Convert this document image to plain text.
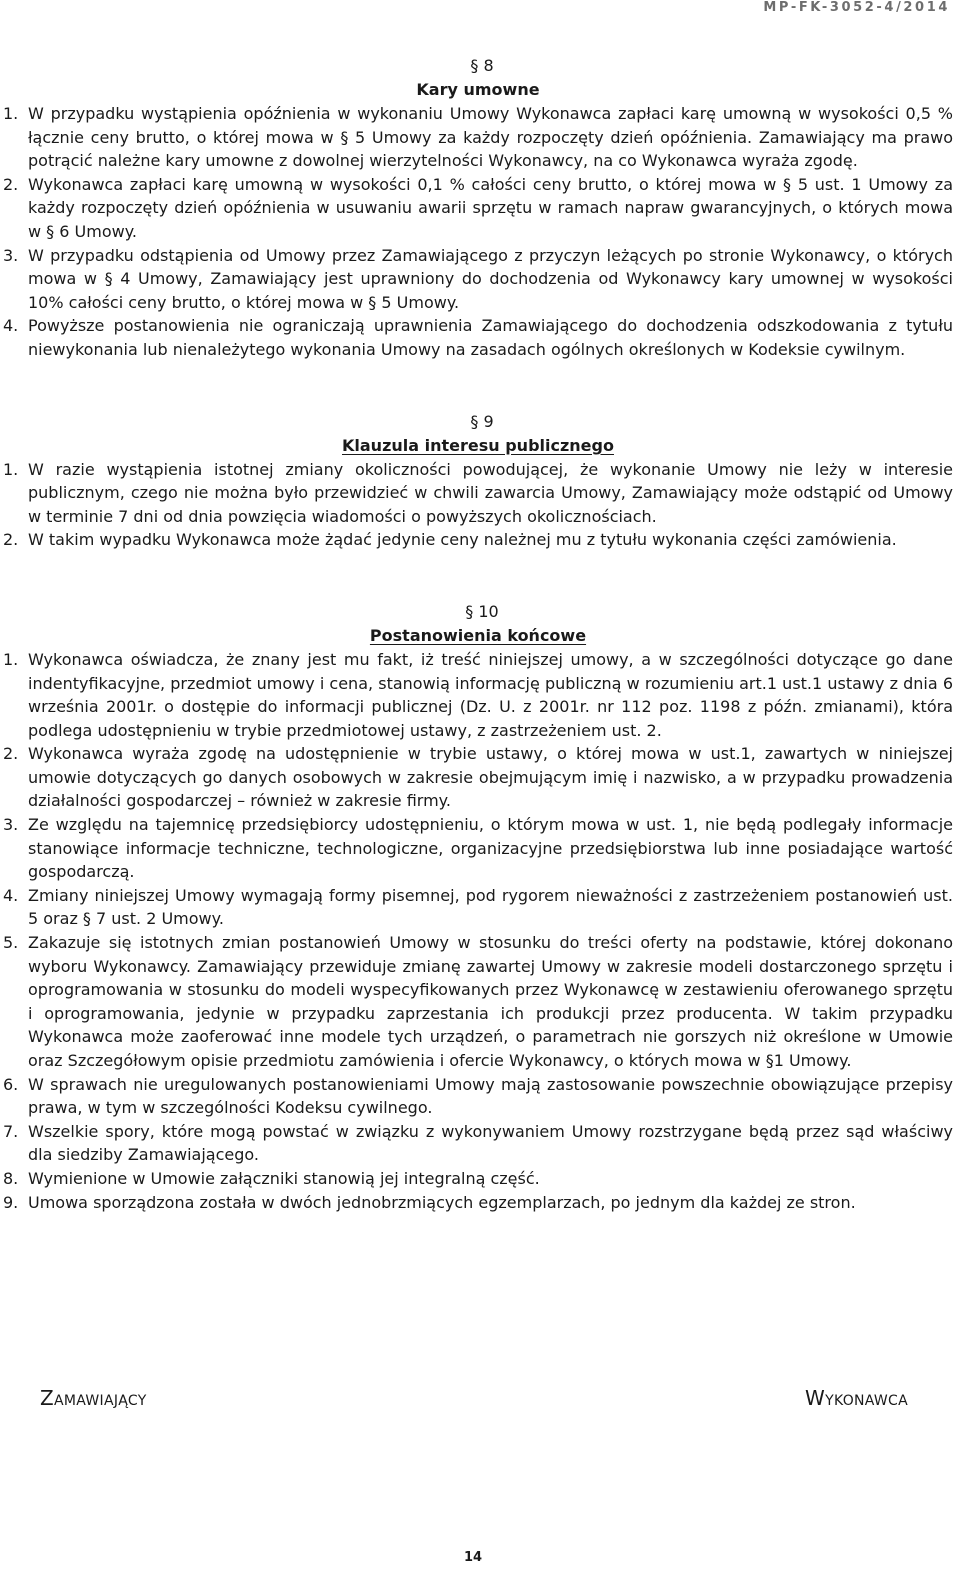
MP-FK-3052-4/2014
§ 8
Kary umowne
1. W przypadku wystąpienia opóźnienia w wykonaniu Umowy Wykonawca zapłaci karę umowną w wysokości 0,5 % łącznie ceny brutto, o której mowa w § 5 Umowy za każdy rozpoczęty dzień opóźnienia. Zamawiający ma prawo potrącić należne kary umowne z dowolnej wierzytelności Wykonawcy, na co Wykonawca wyraża zgodę.
2. Wykonawca zapłaci karę umowną w wysokości 0,1 % całości ceny brutto, o której mowa w § 5 ust. 1 Umowy za każdy rozpoczęty dzień opóźnienia w usuwaniu awarii sprzętu w ramach napraw gwarancyjnych, o których mowa w § 6 Umowy.
3. W przypadku odstąpienia od Umowy przez Zamawiającego z przyczyn leżących po stronie Wykonawcy, o których mowa w § 4 Umowy, Zamawiający jest uprawniony do dochodzenia od Wykonawcy kary umownej w wysokości 10% całości ceny brutto, o której mowa w § 5 Umowy.
4. Powyższe postanowienia nie ograniczają uprawnienia Zamawiającego do dochodzenia odszkodowania z tytułu niewykonania lub nienależytego wykonania Umowy na zasadach ogólnych określonych w Kodeksie cywilnym.
§ 9
Klauzula interesu publicznego
1. W razie wystąpienia istotnej zmiany okoliczności powodującej, że wykonanie Umowy nie leży w interesie publicznym, czego nie można było przewidzieć w chwili zawarcia Umowy, Zamawiający może odstąpić od Umowy w terminie 7 dni od dnia powzięcia wiadomości o powyższych okolicznościach.
2. W takim wypadku Wykonawca może żądać jedynie ceny należnej mu z tytułu wykonania części zamówienia.
§ 10
Postanowienia końcowe
1. Wykonawca oświadcza, że znany jest mu fakt, iż treść niniejszej umowy, a w szczególności dotyczące go dane indentyfikacyjne, przedmiot umowy i cena, stanowią informację publiczną w rozumieniu art.1 ust.1 ustawy z dnia 6 września 2001r. o dostępie do informacji publicznej (Dz. U. z 2001r. nr 112 poz. 1198 z późn. zmianami), która podlega udostępnieniu w trybie przedmiotowej ustawy, z zastrzeżeniem ust. 2.
2. Wykonawca wyraża zgodę na udostępnienie w trybie ustawy, o której mowa w ust.1, zawartych w niniejszej umowie dotyczących go danych osobowych w zakresie obejmującym imię i nazwisko, a w przypadku prowadzenia działalności gospodarczej – również w zakresie firmy.
3. Ze względu na tajemnicę przedsiębiorcy udostępnieniu, o którym mowa w ust. 1, nie będą podlegały informacje stanowiące informacje techniczne, technologiczne, organizacyjne przedsiębiorstwa lub inne posiadające wartość gospodarczą.
4. Zmiany niniejszej Umowy wymagają formy pisemnej, pod rygorem nieważności z zastrzeżeniem postanowień ust. 5 oraz § 7 ust. 2 Umowy.
5. Zakazuje się istotnych zmian postanowień Umowy w stosunku do treści oferty na podstawie, której dokonano wyboru Wykonawcy. Zamawiający przewiduje zmianę zawartej Umowy w zakresie modeli dostarczonego sprzętu i oprogramowania w stosunku do modeli wyspecyfikowanych przez Wykonawcę w zestawieniu oferowanego sprzętu i oprogramowania, jedynie w przypadku zaprzestania ich produkcji przez producenta. W takim przypadku Wykonawca może zaoferować inne modele tych urządzeń, o parametrach nie gorszych niż określone w Umowie oraz Szczegółowym opisie przedmiotu zamówienia i ofercie Wykonawcy, o których mowa w §1 Umowy.
6. W sprawach nie uregulowanych postanowieniami Umowy mają zastosowanie powszechnie obowiązujące przepisy prawa, w tym w szczególności Kodeksu cywilnego.
7. Wszelkie spory, które mogą powstać w związku z wykonywaniem Umowy rozstrzygane będą przez sąd właściwy dla siedziby Zamawiającego.
8. Wymienione w Umowie załączniki stanowią jej integralną część.
9. Umowa sporządzona została w dwóch jednobrzmiących egzemplarzach, po jednym dla każdej ze stron.
Zamawiający	Wykonawca
14
